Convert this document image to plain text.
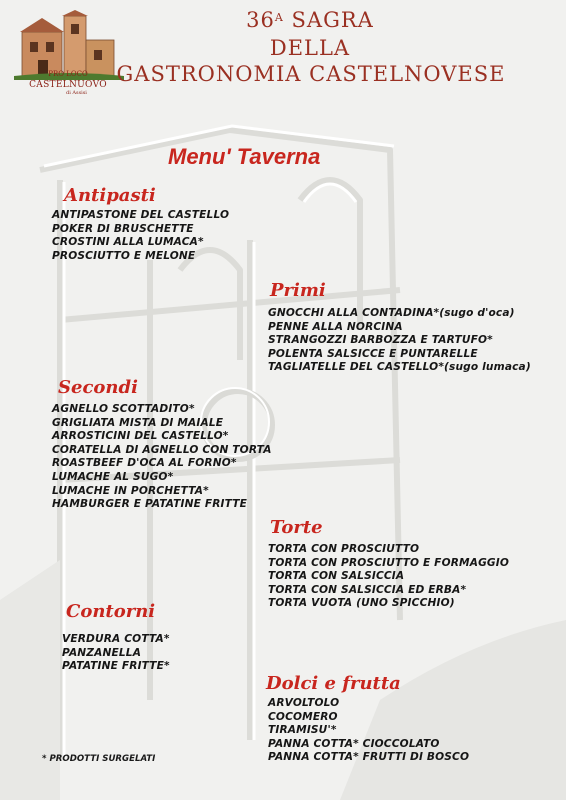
PRO LOCO
CASTELNUOVO
di Assisi
$36^A$ SAGRA
DELLA
GASTRONOMIA CASTELNOVESE
Menu' Taverna
Antipasti
ANTIPASTONE DEL CASTELLO
POKER DI BRUSCHETTE
CROSTINI ALLA LUMACA*
PROSCIUTTO E MELONE
Primi
GNOCCHI ALLA CONTADINA*(sugo d'oca)
PENNE ALLA NORCINA
STRANGOZZI BARBOZZA E TARTUFO*
POLENTA SALSICCE E PUNTARELLE
TAGLIATELLE DEL CASTELLO*(sugo lumaca)
Secondi
AGNELLO SCOTTADITO*
GRIGLIATA MISTA DI MAIALE
ARROSTICINI DEL CASTELLO*
CORATELLA DI AGNELLO CON TORTA
ROASTBEEF D'OCA AL FORNO*
LUMACHE AL SUGO*
LUMACHE IN PORCHETTA*
HAMBURGER E PATATINE FRITTE
Torte
TORTA CON PROSCIUTTO
TORTA CON PROSCIUTTO E FORMAGGIO
TORTA CON SALSICCIA
TORTA CON SALSICCIA ED ERBA*
TORTA VUOTA (UNO SPICCHIO)
Contorni
VERDURA COTTA*
PANZANELLA
PATATINE FRITTE*
Dolci e frutta
ARVOLTOLO
COCOMERO
TIRAMISU'*
PANNA COTTA* CIOCCOLATO
PANNA COTTA* FRUTTI DI BOSCO
* PRODOTTI SURGELATI
